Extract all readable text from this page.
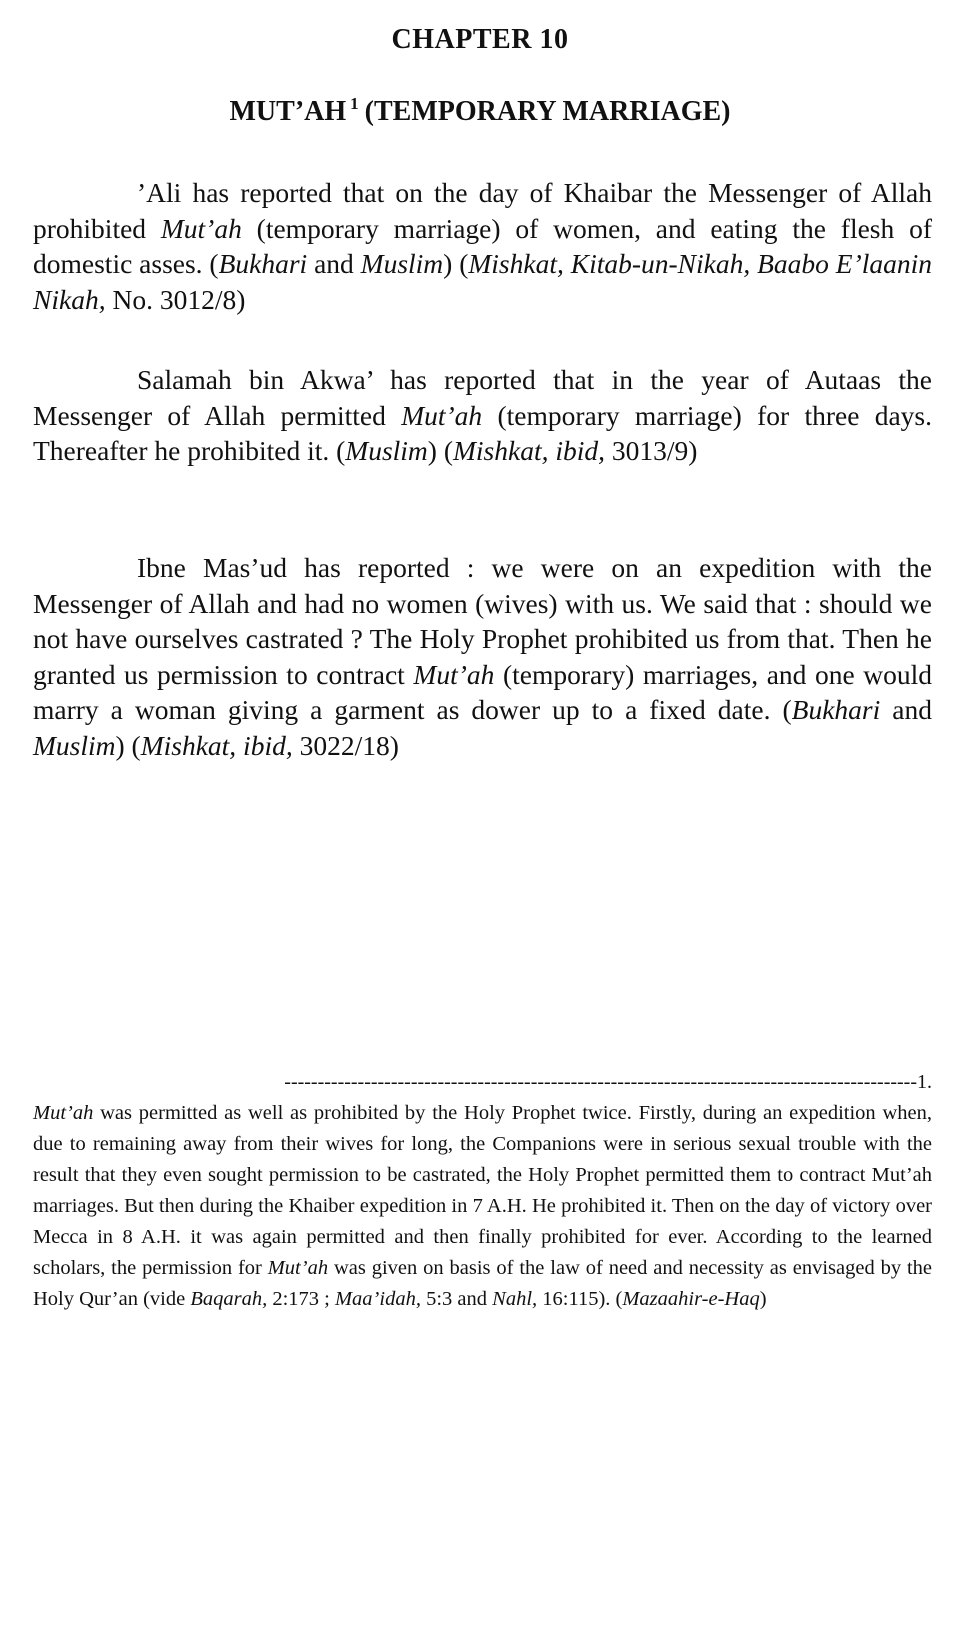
CHAPTER 10
MUT’AH $^1$ (TEMPORARY MARRIAGE)

’Ali has reported that on the day of Khaibar the Messenger of Allah prohibited Mut’ah (temporary marriage) of women, and eating the flesh of domestic asses. (Bukhari and Muslim) (Mishkat, Kitab-un-Nikah, Baabo E’laanin Nikah, No. 3012/8)

Salamah bin Akwa’ has reported that in the year of Autaas the Messenger of Allah permitted Mut’ah (temporary marriage) for three days. Thereafter he prohibited it. (Muslim) (Mishkat, ibid, 3013/9)

Ibne Mas’ud has reported : we were on an expedition with the Messenger of Allah and had no women (wives) with us. We said that : should we not have ourselves castrated ? The Holy Prophet prohibited us from that. Then he granted us permission to contract Mut’ah (temporary) marriages, and one would marry a woman giving a garment as dower up to a fixed date. (Bukhari and Muslim) (Mishkat, ibid, 3022/18)

-----------------------------------------------------------------------------------------------1.

Mut’ah was permitted as well as prohibited by the Holy Prophet twice. Firstly, during an expedition when, due to remaining away from their wives for long, the Companions were in serious sexual trouble with the result that they even sought permission to be castrated, the Holy Prophet permitted them to contract Mut’ah marriages. But then during the Khaiber expedition in 7 A.H. He prohibited it. Then on the day of victory over Mecca in 8 A.H. it was again permitted and then finally prohibited for ever. According to the learned scholars, the permission for Mut’ah was given on basis of the law of need and necessity as envisaged by the Holy Qur’an (vide Baqarah, 2:173 ; Maa’idah, 5:3 and Nahl, 16:115). (Mazaahir-e-Haq)
